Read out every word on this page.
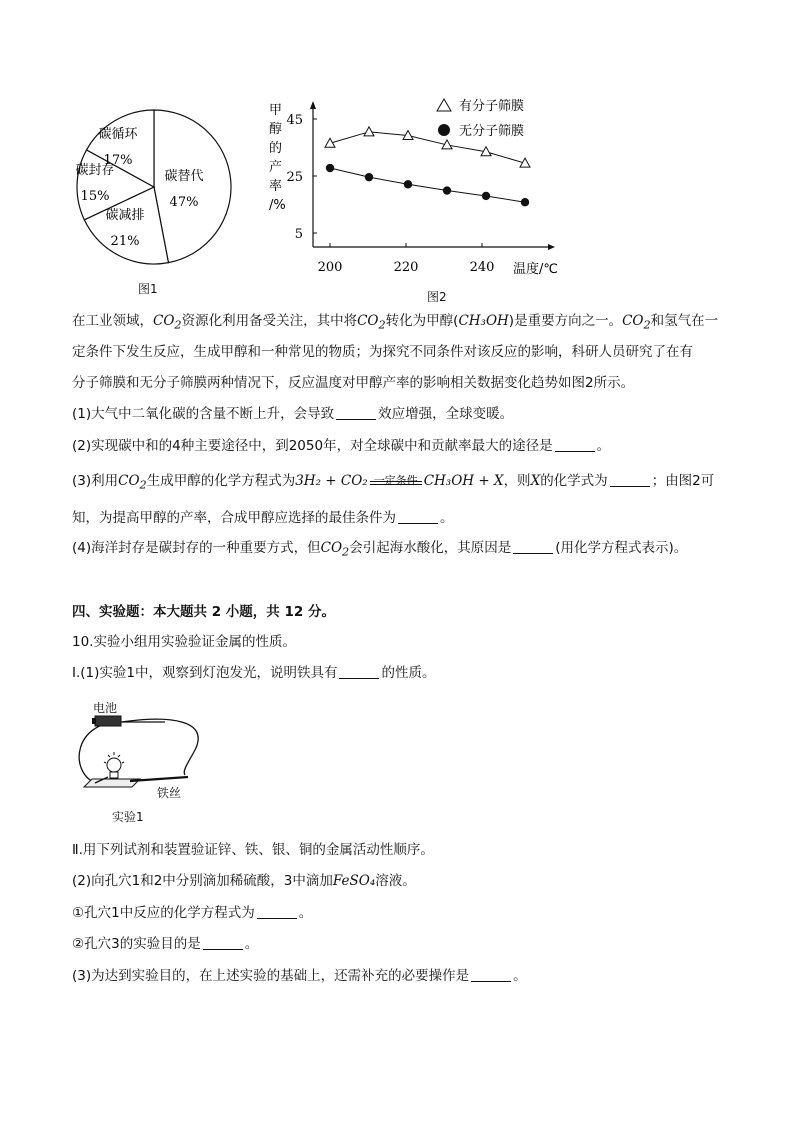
碳替代
47%
碳减排
21%
碳封存
15%
碳循环
17%
图1
甲
醇
的
产
率
/%
45
25
5
200	220	240 温度/℃
有分子筛膜
无分子筛膜
图2
在工业领域，$CO_2$资源化利用备受关注，其中将$CO_2$转化为甲醇(CH₃OH)是重要方向之一。$CO_2$和氢气在一
定条件下发生反应，生成甲醇和一种常见的物质；为探究不同条件对该反应的影响，科研人员研究了在有
分子筛膜和无分子筛膜两种情况下，反应温度对甲醇产率的影响相关数据变化趋势如图2所示。
(1)大气中二氧化碳的含量不断上升，会导致	效应增强，全球变暖。
(2)实现碳中和的4种主要途径中，到2050年，对全球碳中和贡献率最大的途径是	。
(3)利用$CO_2$生成甲醇的化学方程式为3H₂ + CO₂ 一定条件 CH₃OH + X，则X的化学式为	；由图2可
知，为提高甲醇的产率，合成甲醇应选择的最佳条件为	。
(4)海洋封存是碳封存的一种重要方式，但$CO_2$会引起海水酸化，其原因是	(用化学方程式表示)。
四、实验题：本大题共 2 小题，共 12 分。
10.实验小组用实验验证金属的性质。
Ⅰ.(1)实验1中，观察到灯泡发光，说明铁具有	的性质。
电池
铁丝
实验1
Ⅱ.用下列试剂和装置验证锌、铁、银、铜的金属活动性顺序。
(2)向孔穴1和2中分别滴加稀硫酸，3中滴加FeSO₄溶液。
①孔穴1中反应的化学方程式为	。
②孔穴3的实验目的是	。
(3)为达到实验目的，在上述实验的基础上，还需补充的必要操作是	。
